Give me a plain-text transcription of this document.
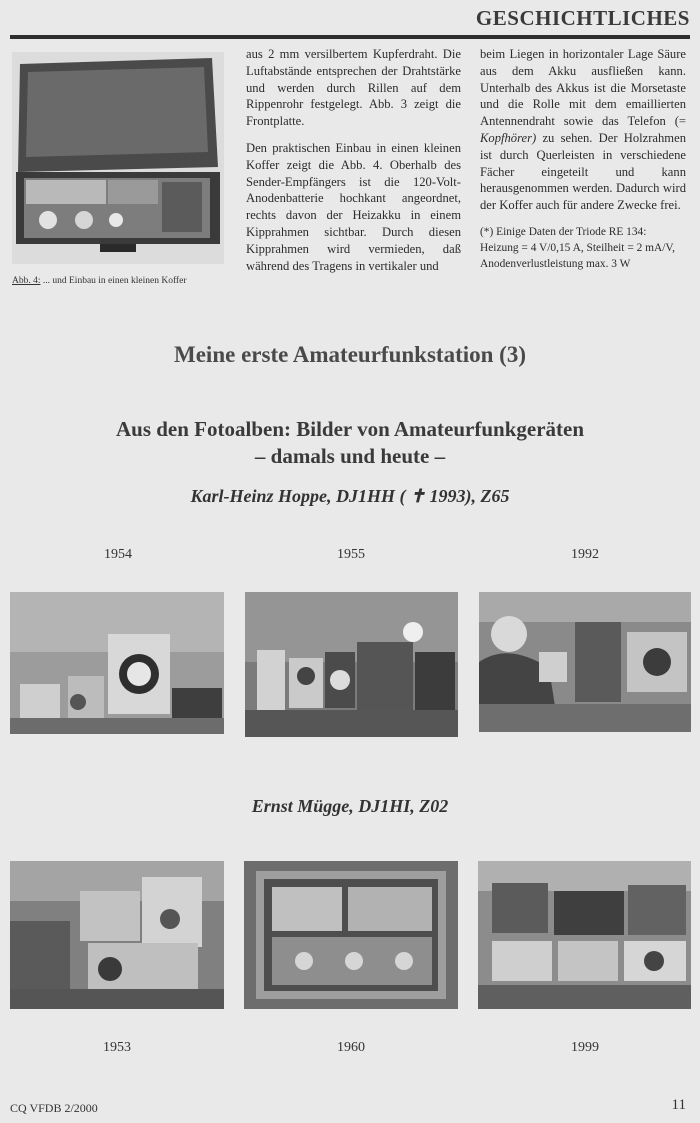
GESCHICHTLICHES
Abb. 4: ... und Einbau in einen kleinen Koffer

aus 2 mm versilbertem Kupferdraht. Die Luftabstände entsprechen der Drahtstärke und werden durch Rillen auf dem Rippenrohr festgelegt. Abb. 3 zeigt die Frontplatte.

Den praktischen Einbau in einen kleinen Koffer zeigt die Abb. 4. Oberhalb des Sender-Empfängers ist die 120-Volt-Anodenbatterie hochkant angeordnet, rechts davon der Heizakku in einem Kipprahmen sichtbar. Durch diesen Kipprahmen wird vermieden, daß während des Tragens in vertikaler und

beim Liegen in horizontaler Lage Säure aus dem Akku ausfließen kann. Unterhalb des Akkus ist die Morsetaste und die Rolle mit dem emaillierten Antennendraht sowie das Telefon (= Kopfhörer) zu sehen. Der Holzrahmen ist durch Querleisten in verschiedene Fächer eingeteilt und kann herausgenommen werden. Dadurch wird der Koffer auch für andere Zwecke frei.

(*) Einige Daten der Triode RE 134:
Heizung = 4 V/0,15 A, Steilheit = 2 mA/V,
Anodenverlustleistung max. 3 W
Meine erste Amateurfunkstation (3)
Aus den Fotoalben: Bilder von Amateurfunkgeräten
– damals und heute –
Karl-Heinz Hoppe, DJ1HH ( ✝ 1993), Z65
1954	1955	1992
Ernst Mügge, DJ1HI, Z02
1953	1960	1999
CQ VFDB 2/2000	11
